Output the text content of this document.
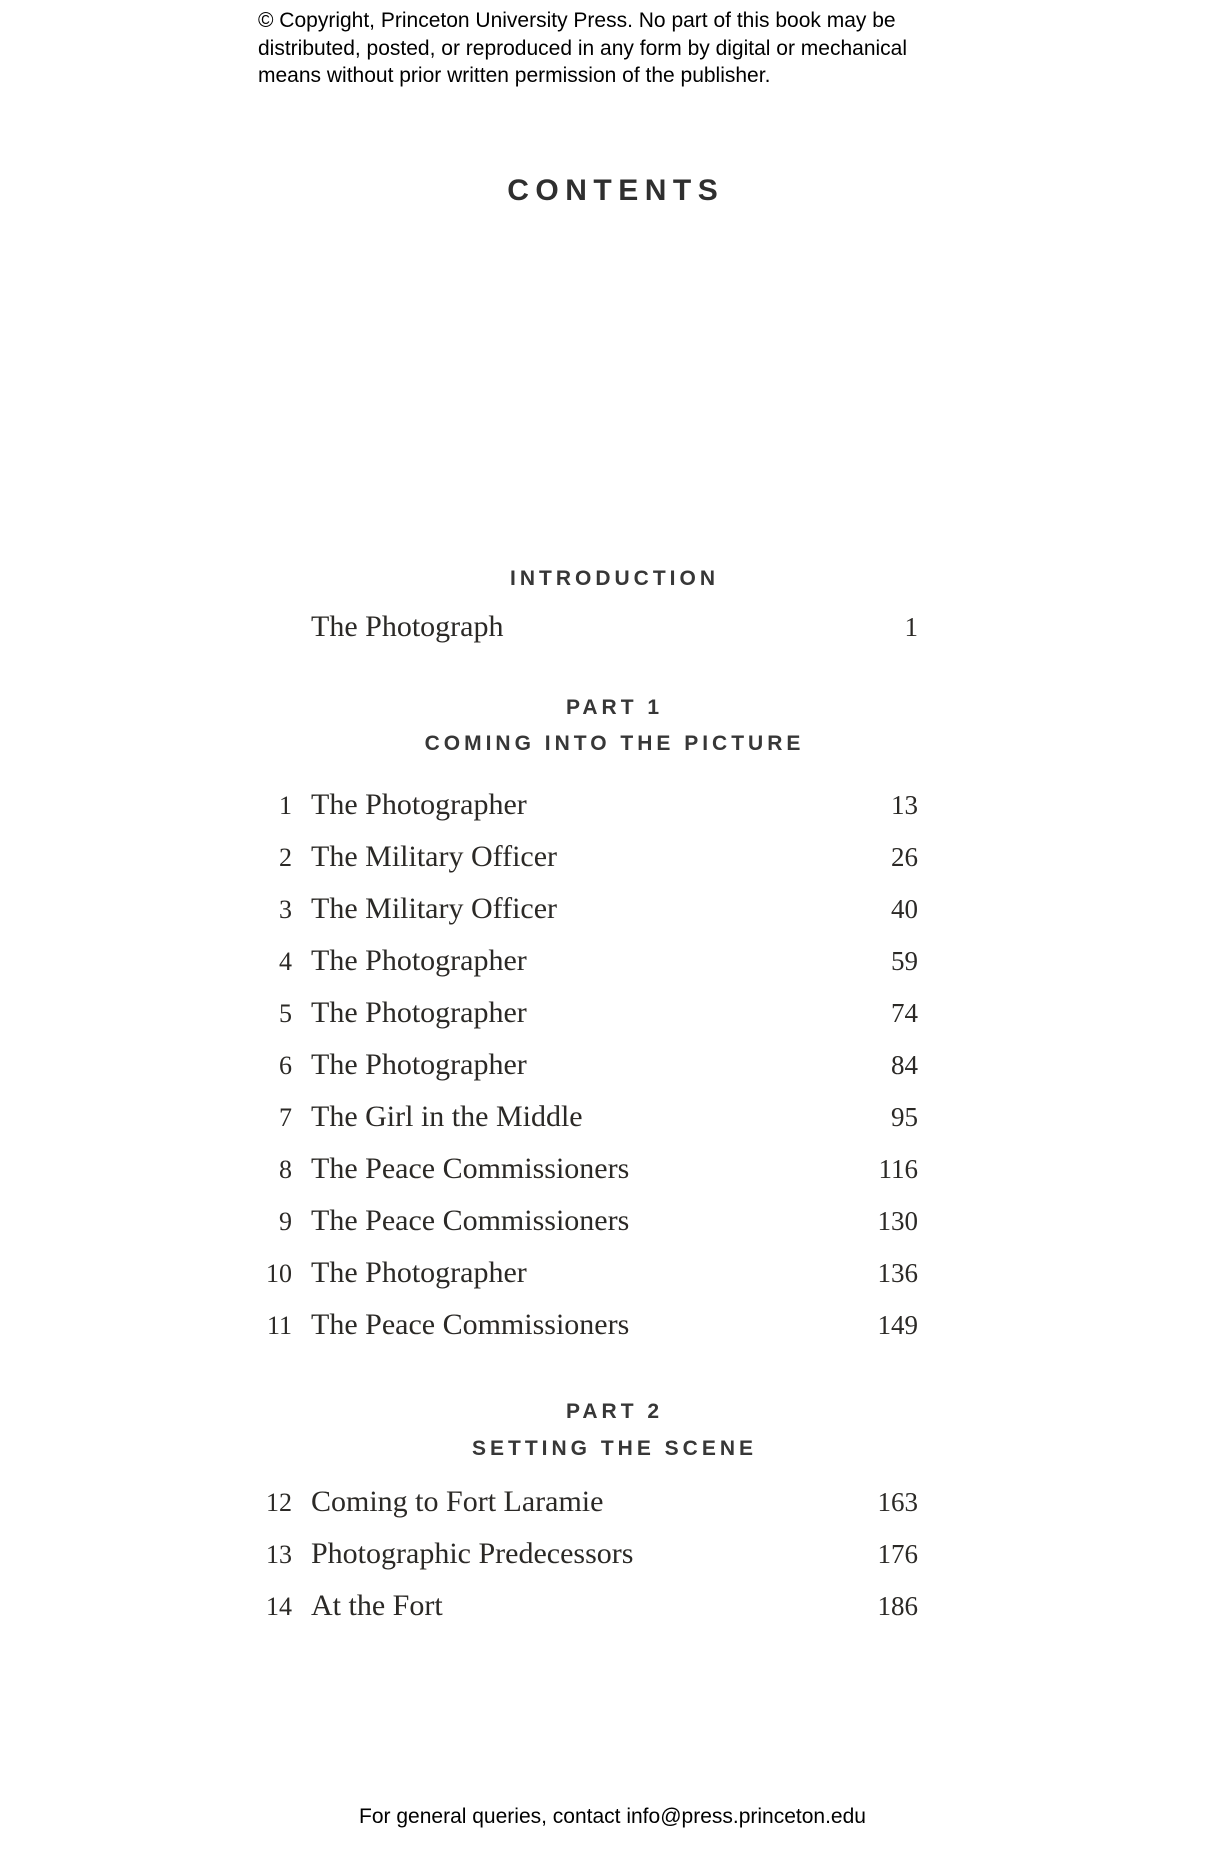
© Copyright, Princeton University Press. No part of this book may be
distributed, posted, or reproduced in any form by digital or mechanical
means without prior written permission of the publisher.
CONTENTS
INTRODUCTION
The Photograph	1
PART 1
COMING INTO THE PICTURE
1 The Photographer	13
2 The Military Officer	26
3 The Military Officer	40
4 The Photographer	59
5 The Photographer	74
6 The Photographer	84
7 The Girl in the Middle	95
8 The Peace Commissioners	116
9 The Peace Commissioners	130
10 The Photographer	136
11 The Peace Commissioners	149
PART 2
SETTING THE SCENE
12 Coming to Fort Laramie	163
13 Photographic Predecessors	176
14 At the Fort	186
For general queries, contact info@press.princeton.edu
